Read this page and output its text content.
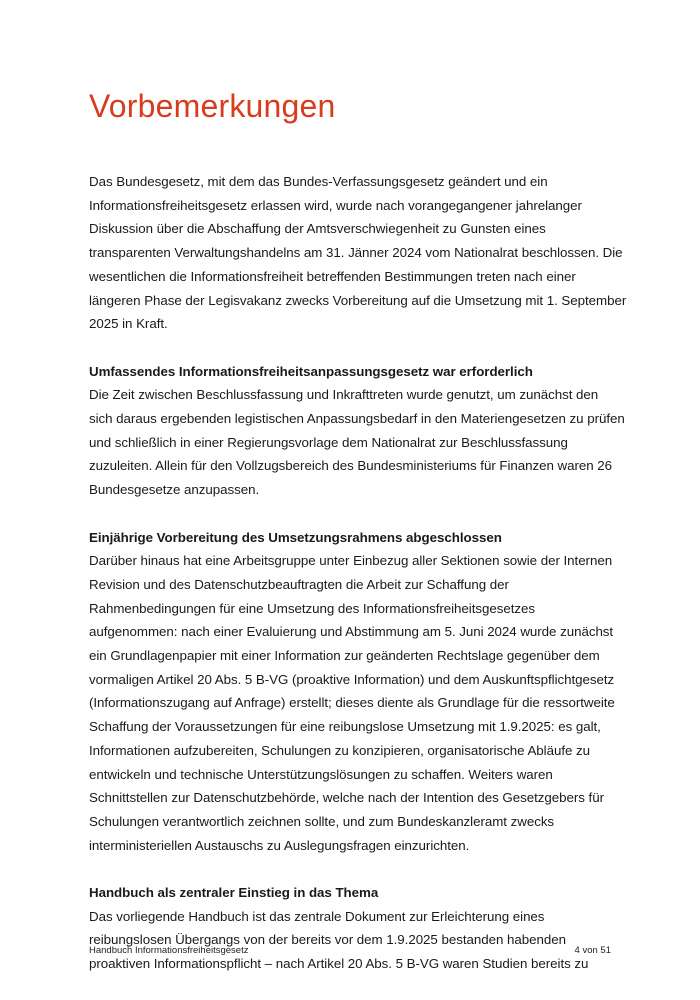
Vorbemerkungen

Das Bundesgesetz, mit dem das Bundes-Verfassungsgesetz geändert und ein
Informationsfreiheitsgesetz erlassen wird, wurde nach vorangegangener jahrelanger
Diskussion über die Abschaffung der Amtsverschwiegenheit zu Gunsten eines
transparenten Verwaltungshandelns am 31. Jänner 2024 vom Nationalrat beschlossen. Die
wesentlichen die Informationsfreiheit betreffenden Bestimmungen treten nach einer
längeren Phase der Legisvakanz zwecks Vorbereitung auf die Umsetzung mit 1. September
2025 in Kraft.

Umfassendes Informationsfreiheitsanpassungsgesetz war erforderlich
Die Zeit zwischen Beschlussfassung und Inkrafttreten wurde genutzt, um zunächst den
sich daraus ergebenden legistischen Anpassungsbedarf in den Materiengesetzen zu prüfen
und schließlich in einer Regierungsvorlage dem Nationalrat zur Beschlussfassung
zuzuleiten. Allein für den Vollzugsbereich des Bundesministeriums für Finanzen waren 26
Bundesgesetze anzupassen.

Einjährige Vorbereitung des Umsetzungsrahmens abgeschlossen
Darüber hinaus hat eine Arbeitsgruppe unter Einbezug aller Sektionen sowie der Internen
Revision und des Datenschutzbeauftragten die Arbeit zur Schaffung der
Rahmenbedingungen für eine Umsetzung des Informationsfreiheitsgesetzes
aufgenommen: nach einer Evaluierung und Abstimmung am 5. Juni 2024 wurde zunächst
ein Grundlagenpapier mit einer Information zur geänderten Rechtslage gegenüber dem
vormaligen Artikel 20 Abs. 5 B-VG (proaktive Information) und dem Auskunftspflichtgesetz
(Informationszugang auf Anfrage) erstellt; dieses diente als Grundlage für die ressortweite
Schaffung der Voraussetzungen für eine reibungslose Umsetzung mit 1.9.2025: es galt,
Informationen aufzubereiten, Schulungen zu konzipieren, organisatorische Abläufe zu
entwickeln und technische Unterstützungslösungen zu schaffen. Weiters waren
Schnittstellen zur Datenschutzbehörde, welche nach der Intention des Gesetzgebers für
Schulungen verantwortlich zeichnen sollte, und zum Bundeskanzleramt zwecks
interministeriellen Austauschs zu Auslegungsfragen einzurichten.

Handbuch als zentraler Einstieg in das Thema
Das vorliegende Handbuch ist das zentrale Dokument zur Erleichterung eines
reibungslosen Übergangs von der bereits vor dem 1.9.2025 bestanden habenden
proaktiven Informationspflicht – nach Artikel 20 Abs. 5 B-VG waren Studien bereits zu

Handbuch Informationsfreiheitsgesetz	4 von 51
